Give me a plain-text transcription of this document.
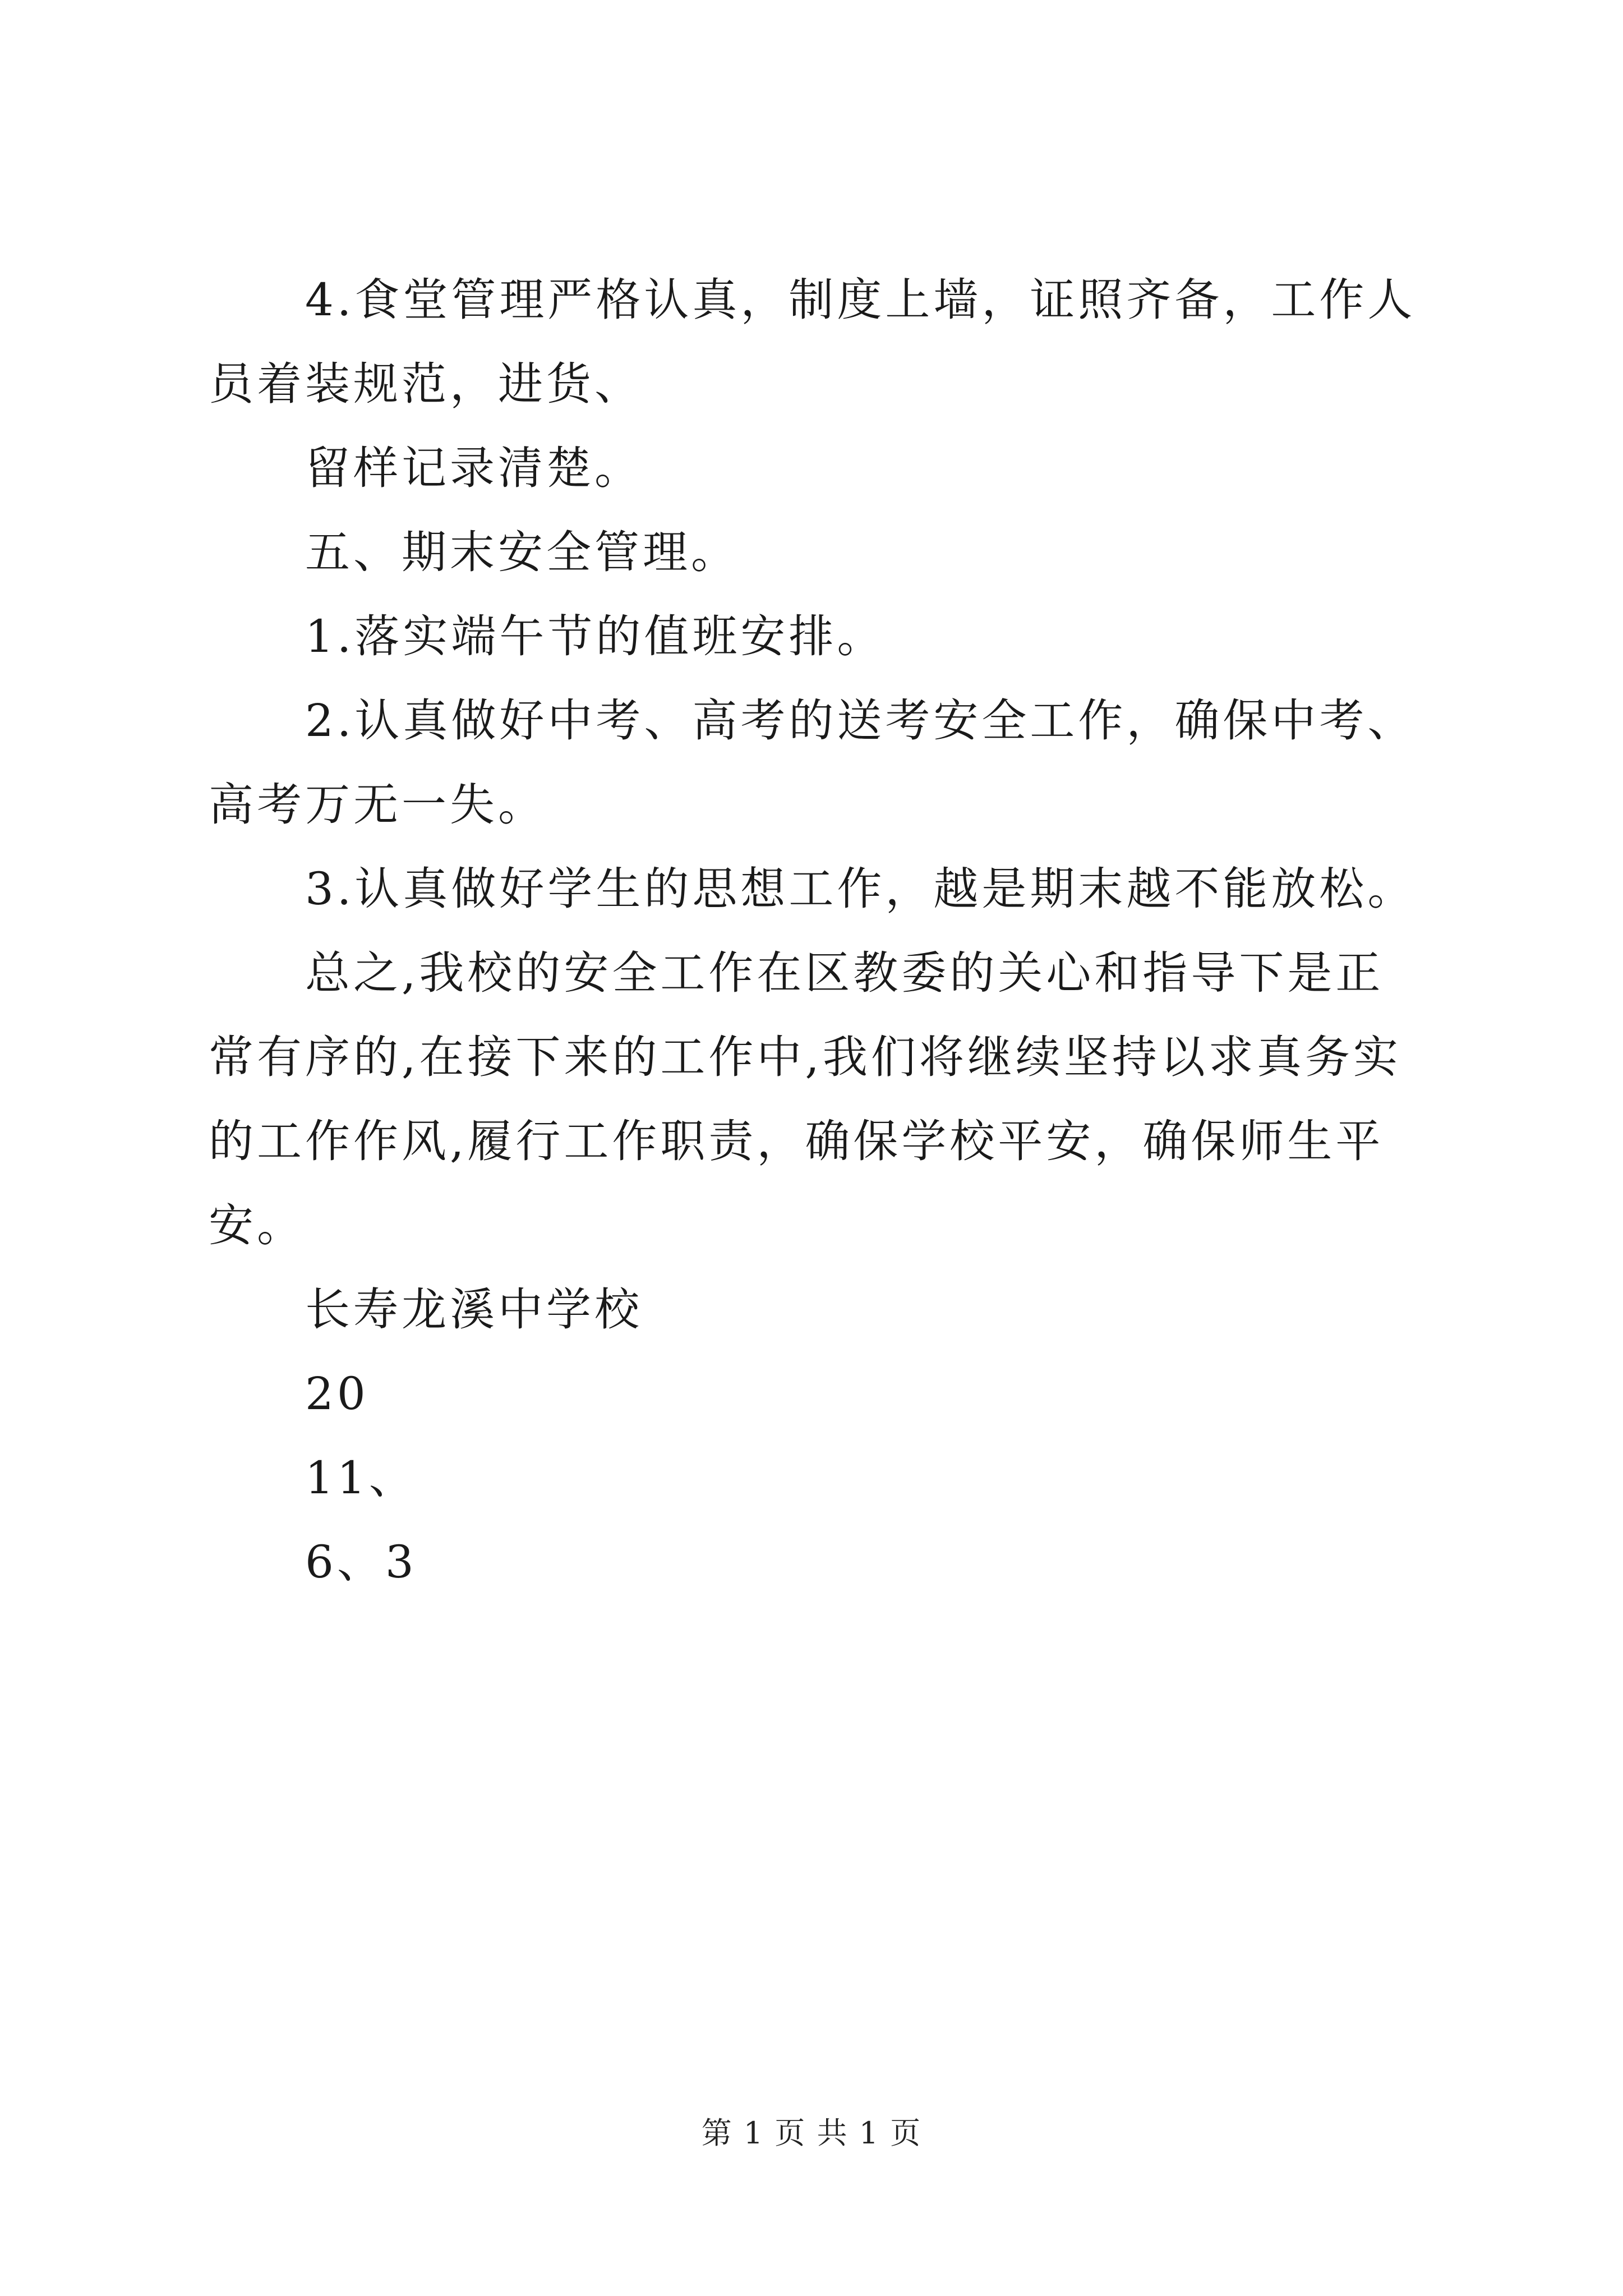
4.食堂管理严格认真，制度上墙，证照齐备，工作人员着装规范，进货、

留样记录清楚。

五、期末安全管理。

1.落实端午节的值班安排。

2.认真做好中考、高考的送考安全工作，确保中考、高考万无一失。

3.认真做好学生的思想工作，越是期末越不能放松。

总之,我校的安全工作在区教委的关心和指导下是正常有序的,在接下来的工作中,我们将继续坚持以求真务实的工作作风,履行工作职责，确保学校平安，确保师生平安。

长寿龙溪中学校

20

11、

6、3

第 1 页 共 1 页
